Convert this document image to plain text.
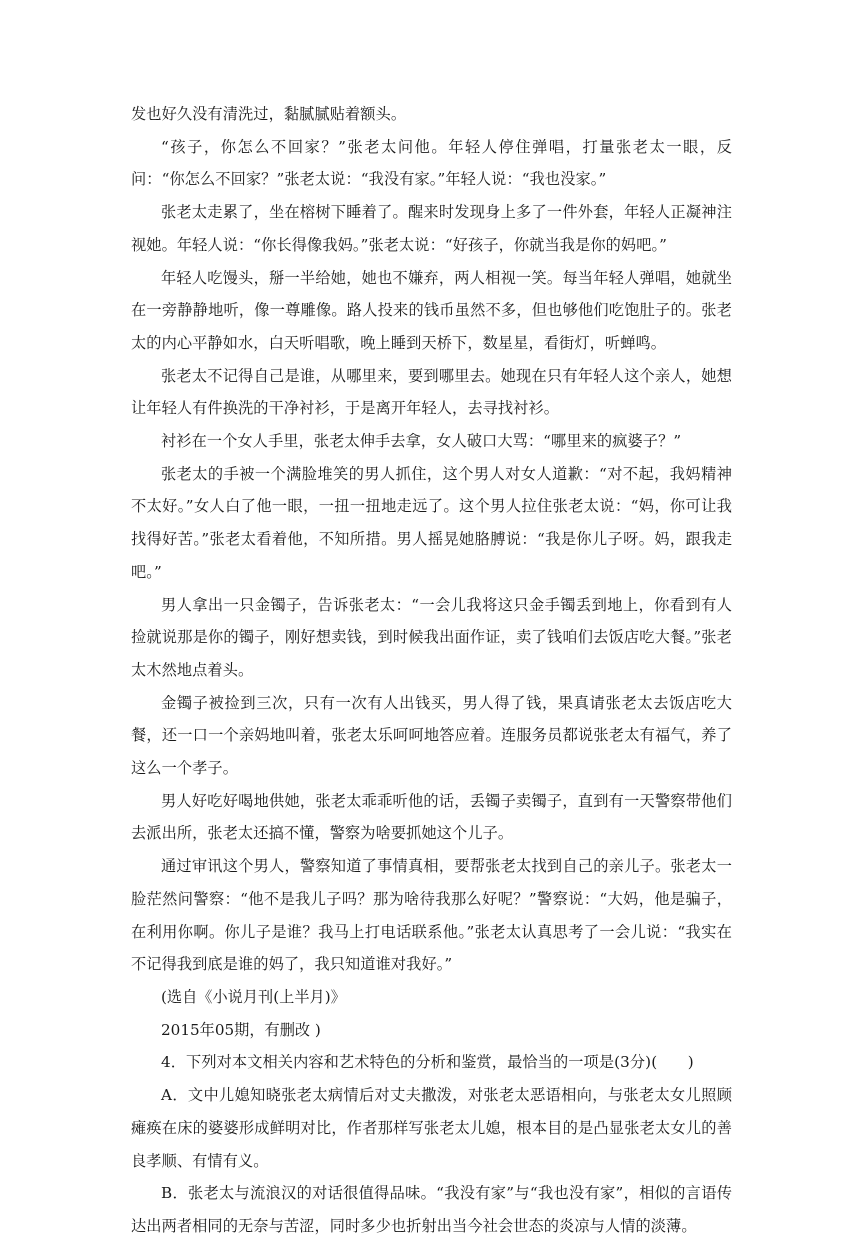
发也好久没有清洗过，黏腻腻贴着额头。

“孩子，你怎么不回家？”张老太问他。年轻人停住弹唱，打量张老太一眼，反问：“你怎么不回家？”张老太说：“我没有家。”年轻人说：“我也没家。”

张老太走累了，坐在榕树下睡着了。醒来时发现身上多了一件外套，年轻人正凝神注视她。年轻人说：“你长得像我妈。”张老太说：“好孩子，你就当我是你的妈吧。”

年轻人吃馒头，掰一半给她，她也不嫌弃，两人相视一笑。每当年轻人弹唱，她就坐在一旁静静地听，像一尊雕像。路人投来的钱币虽然不多，但也够他们吃饱肚子的。张老太的内心平静如水，白天听唱歌，晚上睡到天桥下，数星星，看街灯，听蝉鸣。

张老太不记得自己是谁，从哪里来，要到哪里去。她现在只有年轻人这个亲人，她想让年轻人有件换洗的干净衬衫，于是离开年轻人，去寻找衬衫。

衬衫在一个女人手里，张老太伸手去拿，女人破口大骂：“哪里来的疯婆子？”

张老太的手被一个满脸堆笑的男人抓住，这个男人对女人道歉：“对不起，我妈精神不太好。”女人白了他一眼，一扭一扭地走远了。这个男人拉住张老太说：“妈，你可让我找得好苦。”张老太看着他，不知所措。男人摇晃她胳膊说：“我是你儿子呀。妈，跟我走吧。”

男人拿出一只金镯子，告诉张老太：“一会儿我将这只金手镯丢到地上，你看到有人捡就说那是你的镯子，刚好想卖钱，到时候我出面作证，卖了钱咱们去饭店吃大餐。”张老太木然地点着头。

金镯子被捡到三次，只有一次有人出钱买，男人得了钱，果真请张老太去饭店吃大餐，还一口一个亲妈地叫着，张老太乐呵呵地答应着。连服务员都说张老太有福气，养了这么一个孝子。

男人好吃好喝地供她，张老太乖乖听他的话，丢镯子卖镯子，直到有一天警察带他们去派出所，张老太还搞不懂，警察为啥要抓她这个儿子。

通过审讯这个男人，警察知道了事情真相，要帮张老太找到自己的亲儿子。张老太一脸茫然问警察：“他不是我儿子吗？那为啥待我那么好呢？”警察说：“大妈，他是骗子，在利用你啊。你儿子是谁？我马上打电话联系他。”张老太认真思考了一会儿说：“我实在不记得我到底是谁的妈了，我只知道谁对我好。”

(选自《小说月刊(上半月)》

2015年05期，有删改 )

4．下列对本文相关内容和艺术特色的分析和鉴赏，最恰当的一项是(3分)(　　)

A．文中儿媳知晓张老太病情后对丈夫撒泼，对张老太恶语相向，与张老太女儿照顾瘫痪在床的婆婆形成鲜明对比，作者那样写张老太儿媳，根本目的是凸显张老太女儿的善良孝顺、有情有义。

B．张老太与流浪汉的对话很值得品味。“我没有家”与“我也没有家”，相似的言语传达出两者相同的无奈与苦涩，同时多少也折射出当今社会世态的炎凉与人情的淡薄。
